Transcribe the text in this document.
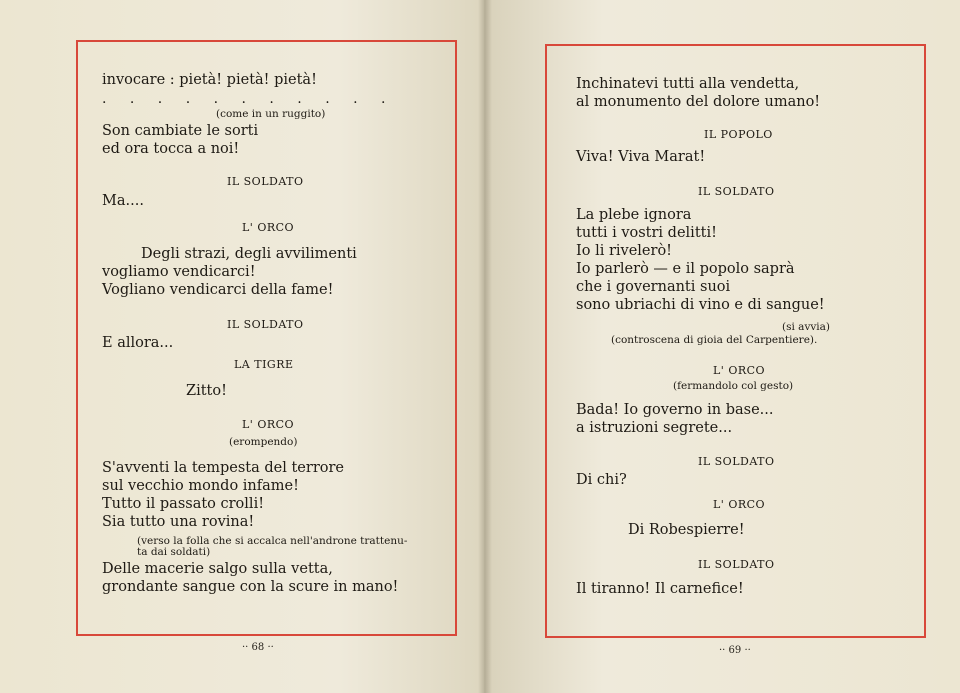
invocare : pietà! pietà! pietà!
. . . . . . . . . . .
(come in un ruggito)
Son cambiate le sorti
ed ora tocca a noi!
IL SOLDATO
Ma....
L' ORCO
Degli strazi, degli avvilimenti
vogliamo vendicarci!
Vogliano vendicarci della fame!
IL SOLDATO
E allora...
LA TIGRE
Zitto!
L' ORCO
(erompendo)
S'avventi la tempesta del terrore
sul vecchio mondo infame!
Tutto il passato crolli!
Sia tutto una rovina!
(verso la folla che si accalca nell'androne trattenu-
ta dai soldati)
Delle macerie salgo sulla vetta,
grondante sangue con la scure in mano!
·· 68 ··
Inchinatevi tutti alla vendetta,
al monumento del dolore umano!
IL POPOLO
Viva! Viva Marat!
IL SOLDATO
La plebe ignora
tutti i vostri delitti!
Io li rivelerò!
Io parlerò — e il popolo saprà
che i governanti suoi
sono ubriachi di vino e di sangue!
(si avvia)
(controscena di gioia del Carpentiere).
L' ORCO
(fermandolo col gesto)
Bada! Io governo in base...
a istruzioni segrete...
IL SOLDATO
Di chi?
L' ORCO
Di Robespierre!
IL SOLDATO
Il tiranno! Il carnefice!
·· 69 ··
